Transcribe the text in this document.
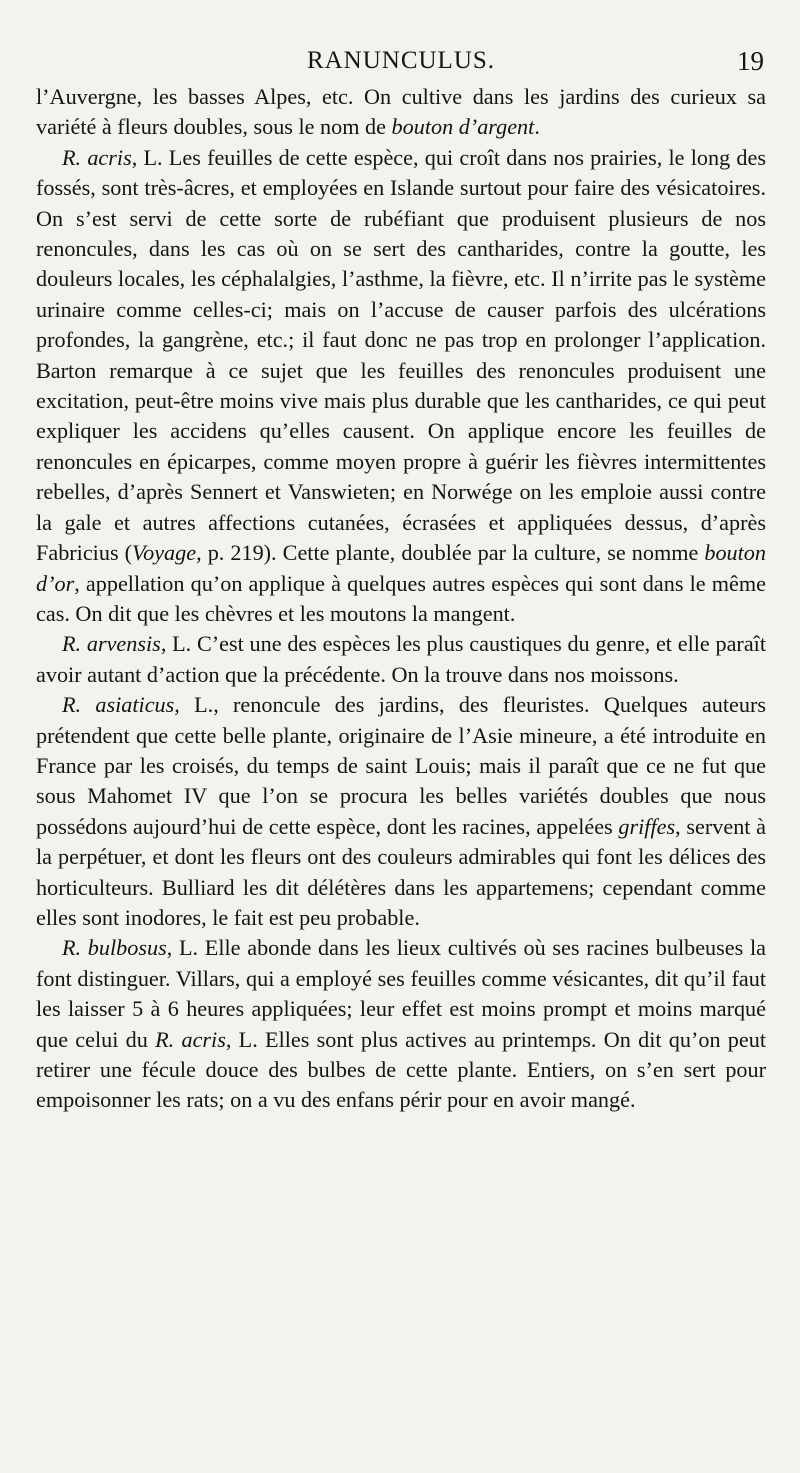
RANUNCULUS.	19

l’Auvergne, les basses Alpes, etc. On cultive dans les jardins des curieux sa variété à fleurs doubles, sous le nom de bouton d’argent.

R. acris, L. Les feuilles de cette espèce, qui croît dans nos prairies, le long des fossés, sont très-âcres, et employées en Islande surtout pour faire des vésicatoires. On s’est servi de cette sorte de rubéfiant que produisent plusieurs de nos renoncules, dans les cas où on se sert des cantharides, contre la goutte, les douleurs locales, les céphalalgies, l’asthme, la fièvre, etc. Il n’irrite pas le système urinaire comme celles-ci; mais on l’accuse de causer parfois des ulcérations profondes, la gangrène, etc.; il faut donc ne pas trop en prolonger l’application. Barton remarque à ce sujet que les feuilles des renoncules produisent une excitation, peut-être moins vive mais plus durable que les cantharides, ce qui peut expliquer les accidens qu’elles causent. On applique encore les feuilles de renoncules en épicarpes, comme moyen propre à guérir les fièvres intermittentes rebelles, d’après Sennert et Vanswieten; en Norwége on les emploie aussi contre la gale et autres affections cutanées, écrasées et appliquées dessus, d’après Fabricius (Voyage, p. 219). Cette plante, doublée par la culture, se nomme bouton d’or, appellation qu’on applique à quelques autres espèces qui sont dans le même cas. On dit que les chèvres et les moutons la mangent.

R. arvensis, L. C’est une des espèces les plus caustiques du genre, et elle paraît avoir autant d’action que la précédente. On la trouve dans nos moissons.

R. asiaticus, L., renoncule des jardins, des fleuristes. Quelques auteurs prétendent que cette belle plante, originaire de l’Asie mineure, a été introduite en France par les croisés, du temps de saint Louis; mais il paraît que ce ne fut que sous Mahomet IV que l’on se procura les belles variétés doubles que nous possédons aujourd’hui de cette espèce, dont les racines, appelées griffes, servent à la perpétuer, et dont les fleurs ont des couleurs admirables qui font les délices des horticulteurs. Bulliard les dit délétères dans les appartemens; cependant comme elles sont inodores, le fait est peu probable.

R. bulbosus, L. Elle abonde dans les lieux cultivés où ses racines bulbeuses la font distinguer. Villars, qui a employé ses feuilles comme vésicantes, dit qu’il faut les laisser 5 à 6 heures appliquées; leur effet est moins prompt et moins marqué que celui du R. acris, L. Elles sont plus actives au printemps. On dit qu’on peut retirer une fécule douce des bulbes de cette plante. Entiers, on s’en sert pour empoisonner les rats; on a vu des enfans périr pour en avoir mangé.
